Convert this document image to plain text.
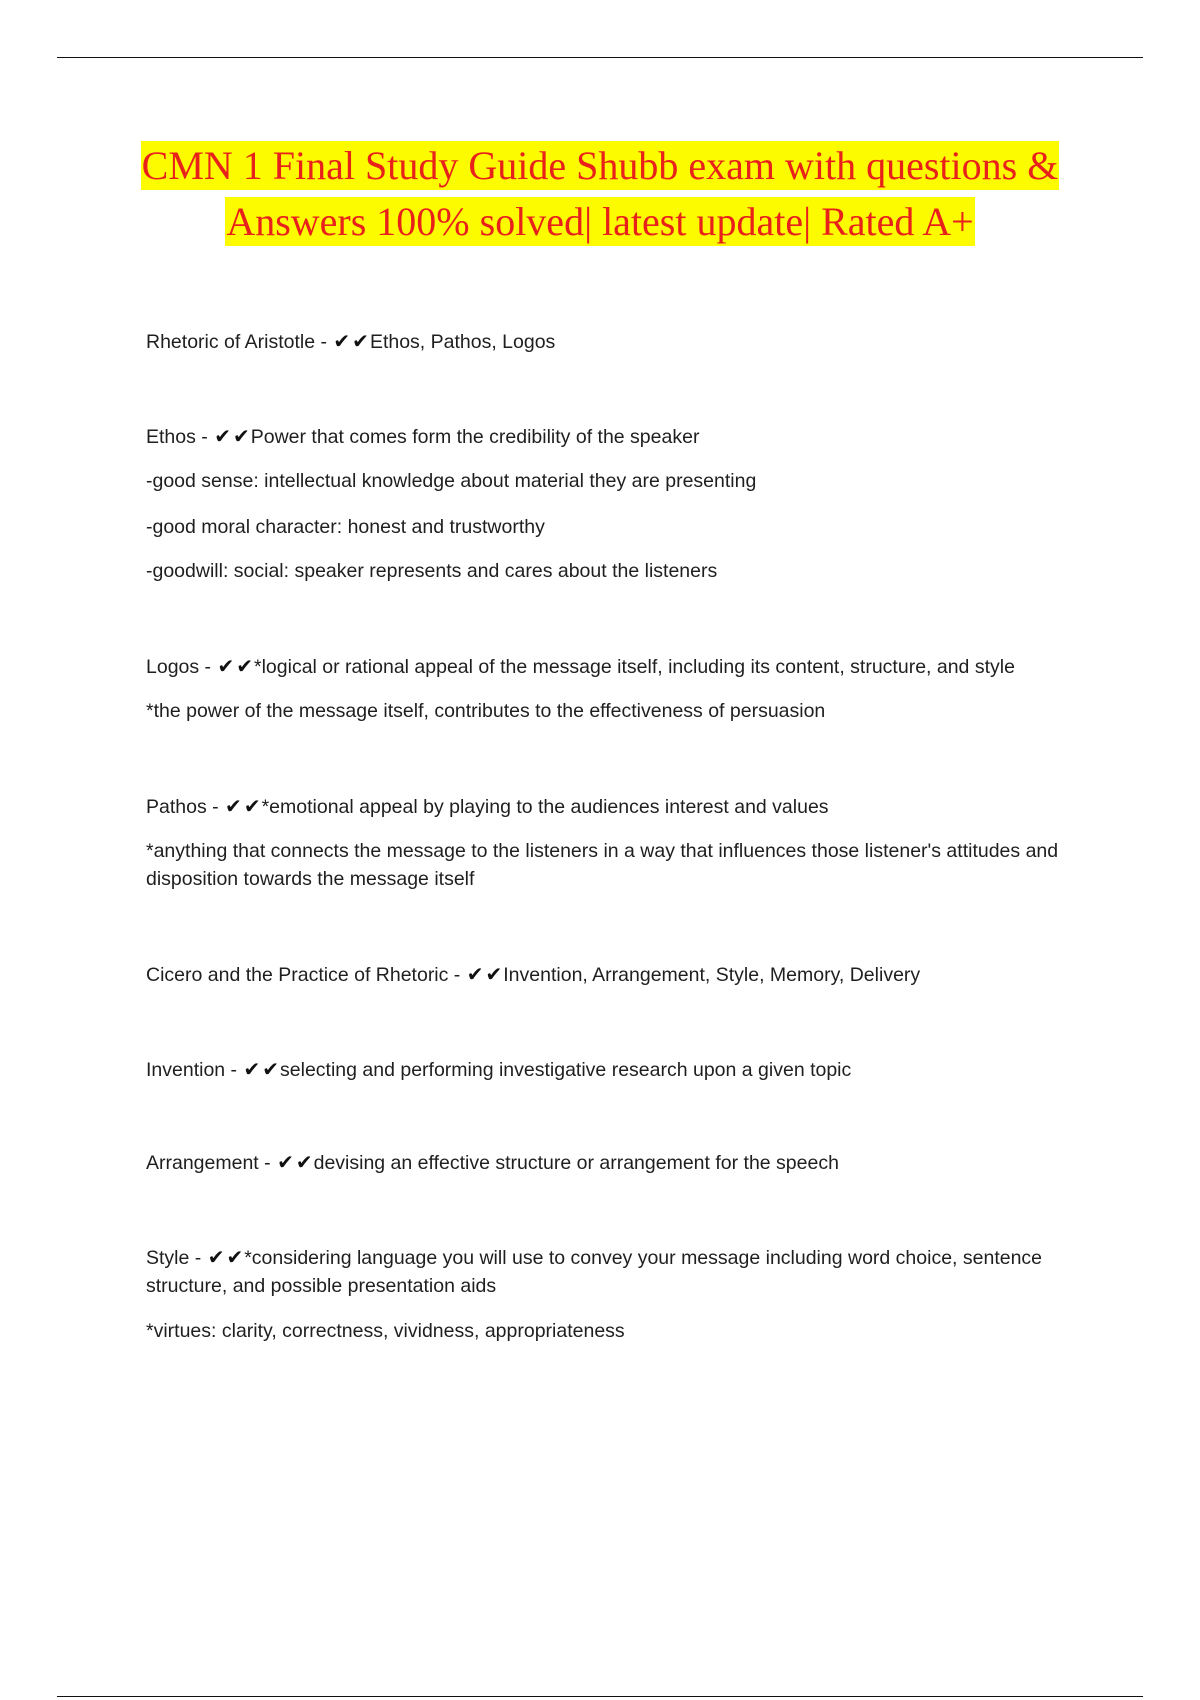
CMN 1 Final Study Guide Shubb exam with questions & Answers 100% solved| latest update| Rated A+
Rhetoric of Aristotle - ✔ ✔Ethos, Pathos, Logos
Ethos - ✔ ✔Power that comes form the credibility of the speaker
-good sense: intellectual knowledge about material they are presenting
-good moral character: honest and trustworthy
-goodwill: social: speaker represents and cares about the listeners
Logos - ✔ ✔*logical or rational appeal of the message itself, including its content, structure, and style
*the power of the message itself, contributes to the effectiveness of persuasion
Pathos - ✔ ✔*emotional appeal by playing to the audiences interest and values
*anything that connects the message to the listeners in a way that influences those listener's attitudes and disposition towards the message itself
Cicero and the Practice of Rhetoric - ✔ ✔Invention, Arrangement, Style, Memory, Delivery
Invention - ✔ ✔selecting and performing investigative research upon a given topic
Arrangement - ✔ ✔devising an effective structure or arrangement for the speech
Style - ✔ ✔*considering language you will use to convey your message including word choice, sentence structure, and possible presentation aids
*virtues: clarity, correctness, vividness, appropriateness
